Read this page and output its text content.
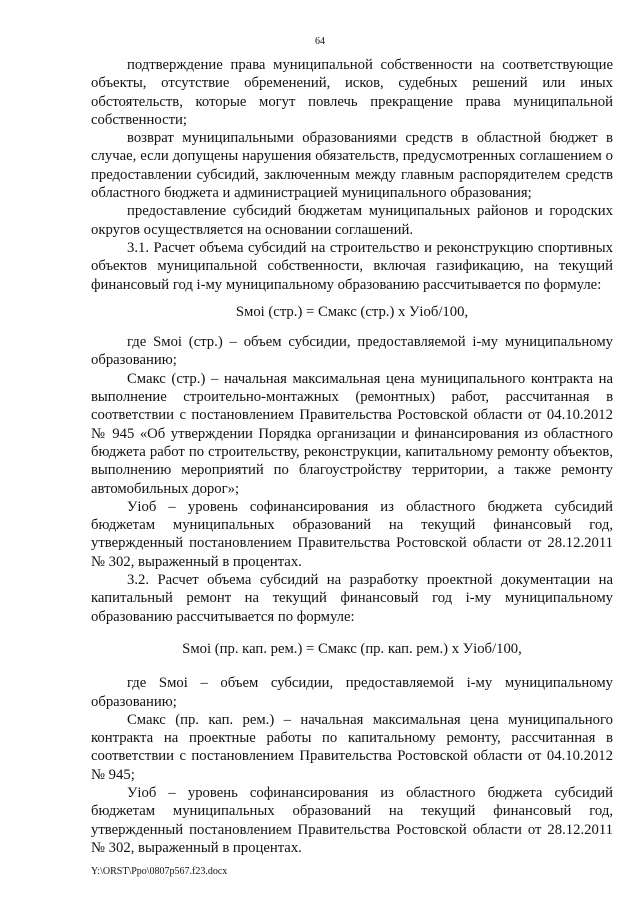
64

подтверждение права муниципальной собственности на соответствующие объекты, отсутствие обременений, исков, судебных решений или иных обстоятельств, которые могут повлечь прекращение права муниципальной собственности;

возврат муниципальными образованиями средств в областной бюджет в случае, если допущены нарушения обязательств, предусмотренных соглашением о предоставлении субсидий, заключенным между главным распорядителем средств областного бюджета и администрацией муниципального образования;

предоставление субсидий бюджетам муниципальных районов и городских округов осуществляется на основании соглашений.

3.1. Расчет объема субсидий на строительство и реконструкцию спортивных объектов муниципальной собственности, включая газификацию, на текущий финансовый год i-му муниципальному образованию рассчитывается по формуле:

Sмоi (стр.) = Смакс (стр.) x Уioб/100,

где Sмоi (стр.) – объем субсидии, предоставляемой i-му муниципальному образованию;

Смакс (стр.) – начальная максимальная цена муниципального контракта на выполнение строительно-монтажных (ремонтных) работ, рассчитанная в соответствии с постановлением Правительства Ростовской области от 04.10.2012 № 945 «Об утверждении Порядка организации и финансирования из областного бюджета работ по строительству, реконструкции, капитальному ремонту объектов, выполнению мероприятий по благоустройству территории, а также ремонту автомобильных дорог»;

Уioб – уровень софинансирования из областного бюджета субсидий бюджетам муниципальных образований на текущий финансовый год, утвержденный постановлением Правительства Ростовской области от 28.12.2011 № 302, выраженный в процентах.

3.2. Расчет объема субсидий на разработку проектной документации на капитальный ремонт на текущий финансовый год i-му муниципальному образованию рассчитывается по формуле:

Sмоi (пр. кап. рем.) = Смакс (пр. кап. рем.) x Уioб/100,

где Sмоi – объем субсидии, предоставляемой i-му муниципальному образованию;

Смакс (пр. кап. рем.) – начальная максимальная цена муниципального контракта на проектные работы по капитальному ремонту, рассчитанная в соответствии с постановлением Правительства Ростовской области от 04.10.2012 № 945;

Уioб – уровень софинансирования из областного бюджета субсидий бюджетам муниципальных образований на текущий финансовый год, утвержденный постановлением Правительства Ростовской области от 28.12.2011 № 302, выраженный в процентах.

Y:\ORST\Ppo\0807p567.f23.docx
